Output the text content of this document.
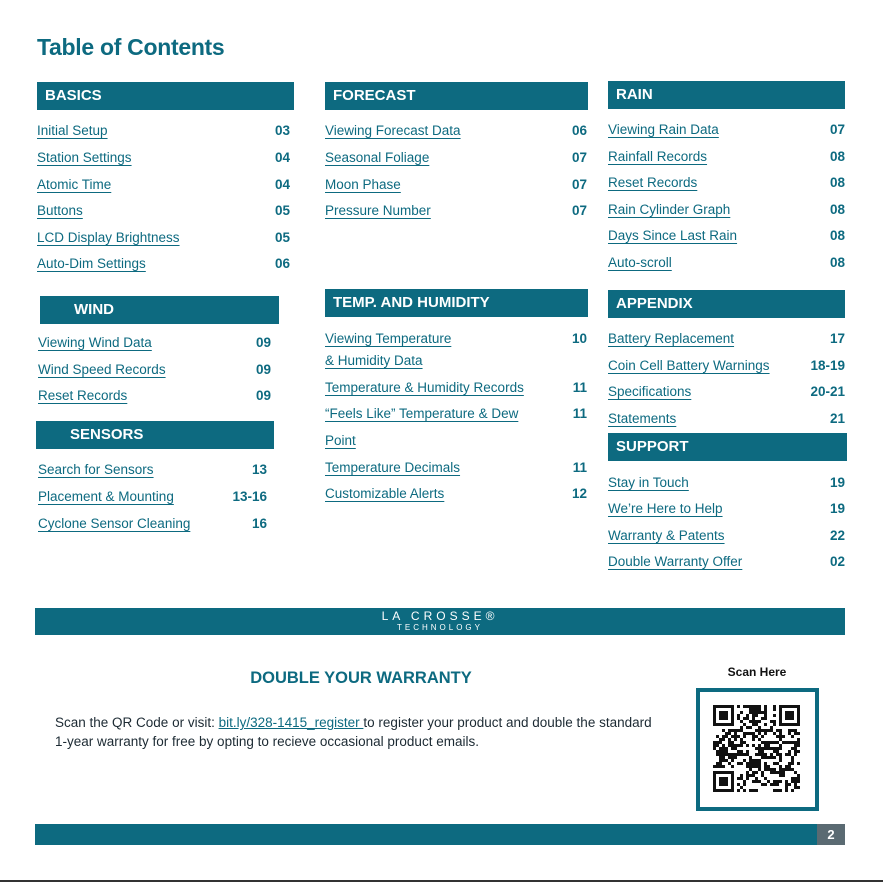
Table of Contents
BASICS
Initial Setup	03
Station Settings	04
Atomic Time	04
Buttons	05
LCD Display Brightness	05
Auto-Dim Settings	06
FORECAST
Viewing Forecast Data	06
Seasonal Foliage	07
Moon Phase	07
Pressure Number	07
RAIN
Viewing Rain Data	07
Rainfall Records	08
Reset Records	08
Rain Cylinder Graph	08
Days Since Last Rain	08
Auto-scroll	08
WIND
Viewing Wind Data	09
Wind Speed Records	09
Reset Records	09
SENSORS
Search for Sensors	13
Placement & Mounting	13-16
Cyclone Sensor Cleaning	16
TEMP. AND HUMIDITY
Viewing Temperature	10
& Humidity Data
Temperature & Humidity Records	11
“Feels Like” Temperature & Dew	11
Point
Temperature Decimals	11
Customizable Alerts	12
APPENDIX
Battery Replacement	17
Coin Cell Battery Warnings	18-19
Specifications	20-21
Statements	21
SUPPORT
Stay in Touch	19
We’re Here to Help	19
Warranty & Patents	22
Double Warranty Offer	02
LA CROSSE®
TECHNOLOGY
DOUBLE YOUR WARRANTY
Scan the QR Code or visit: bit.ly/328-1415_register to register your product and double the standard 1-year warranty for free by opting to recieve occasional product emails.
Scan Here
2
